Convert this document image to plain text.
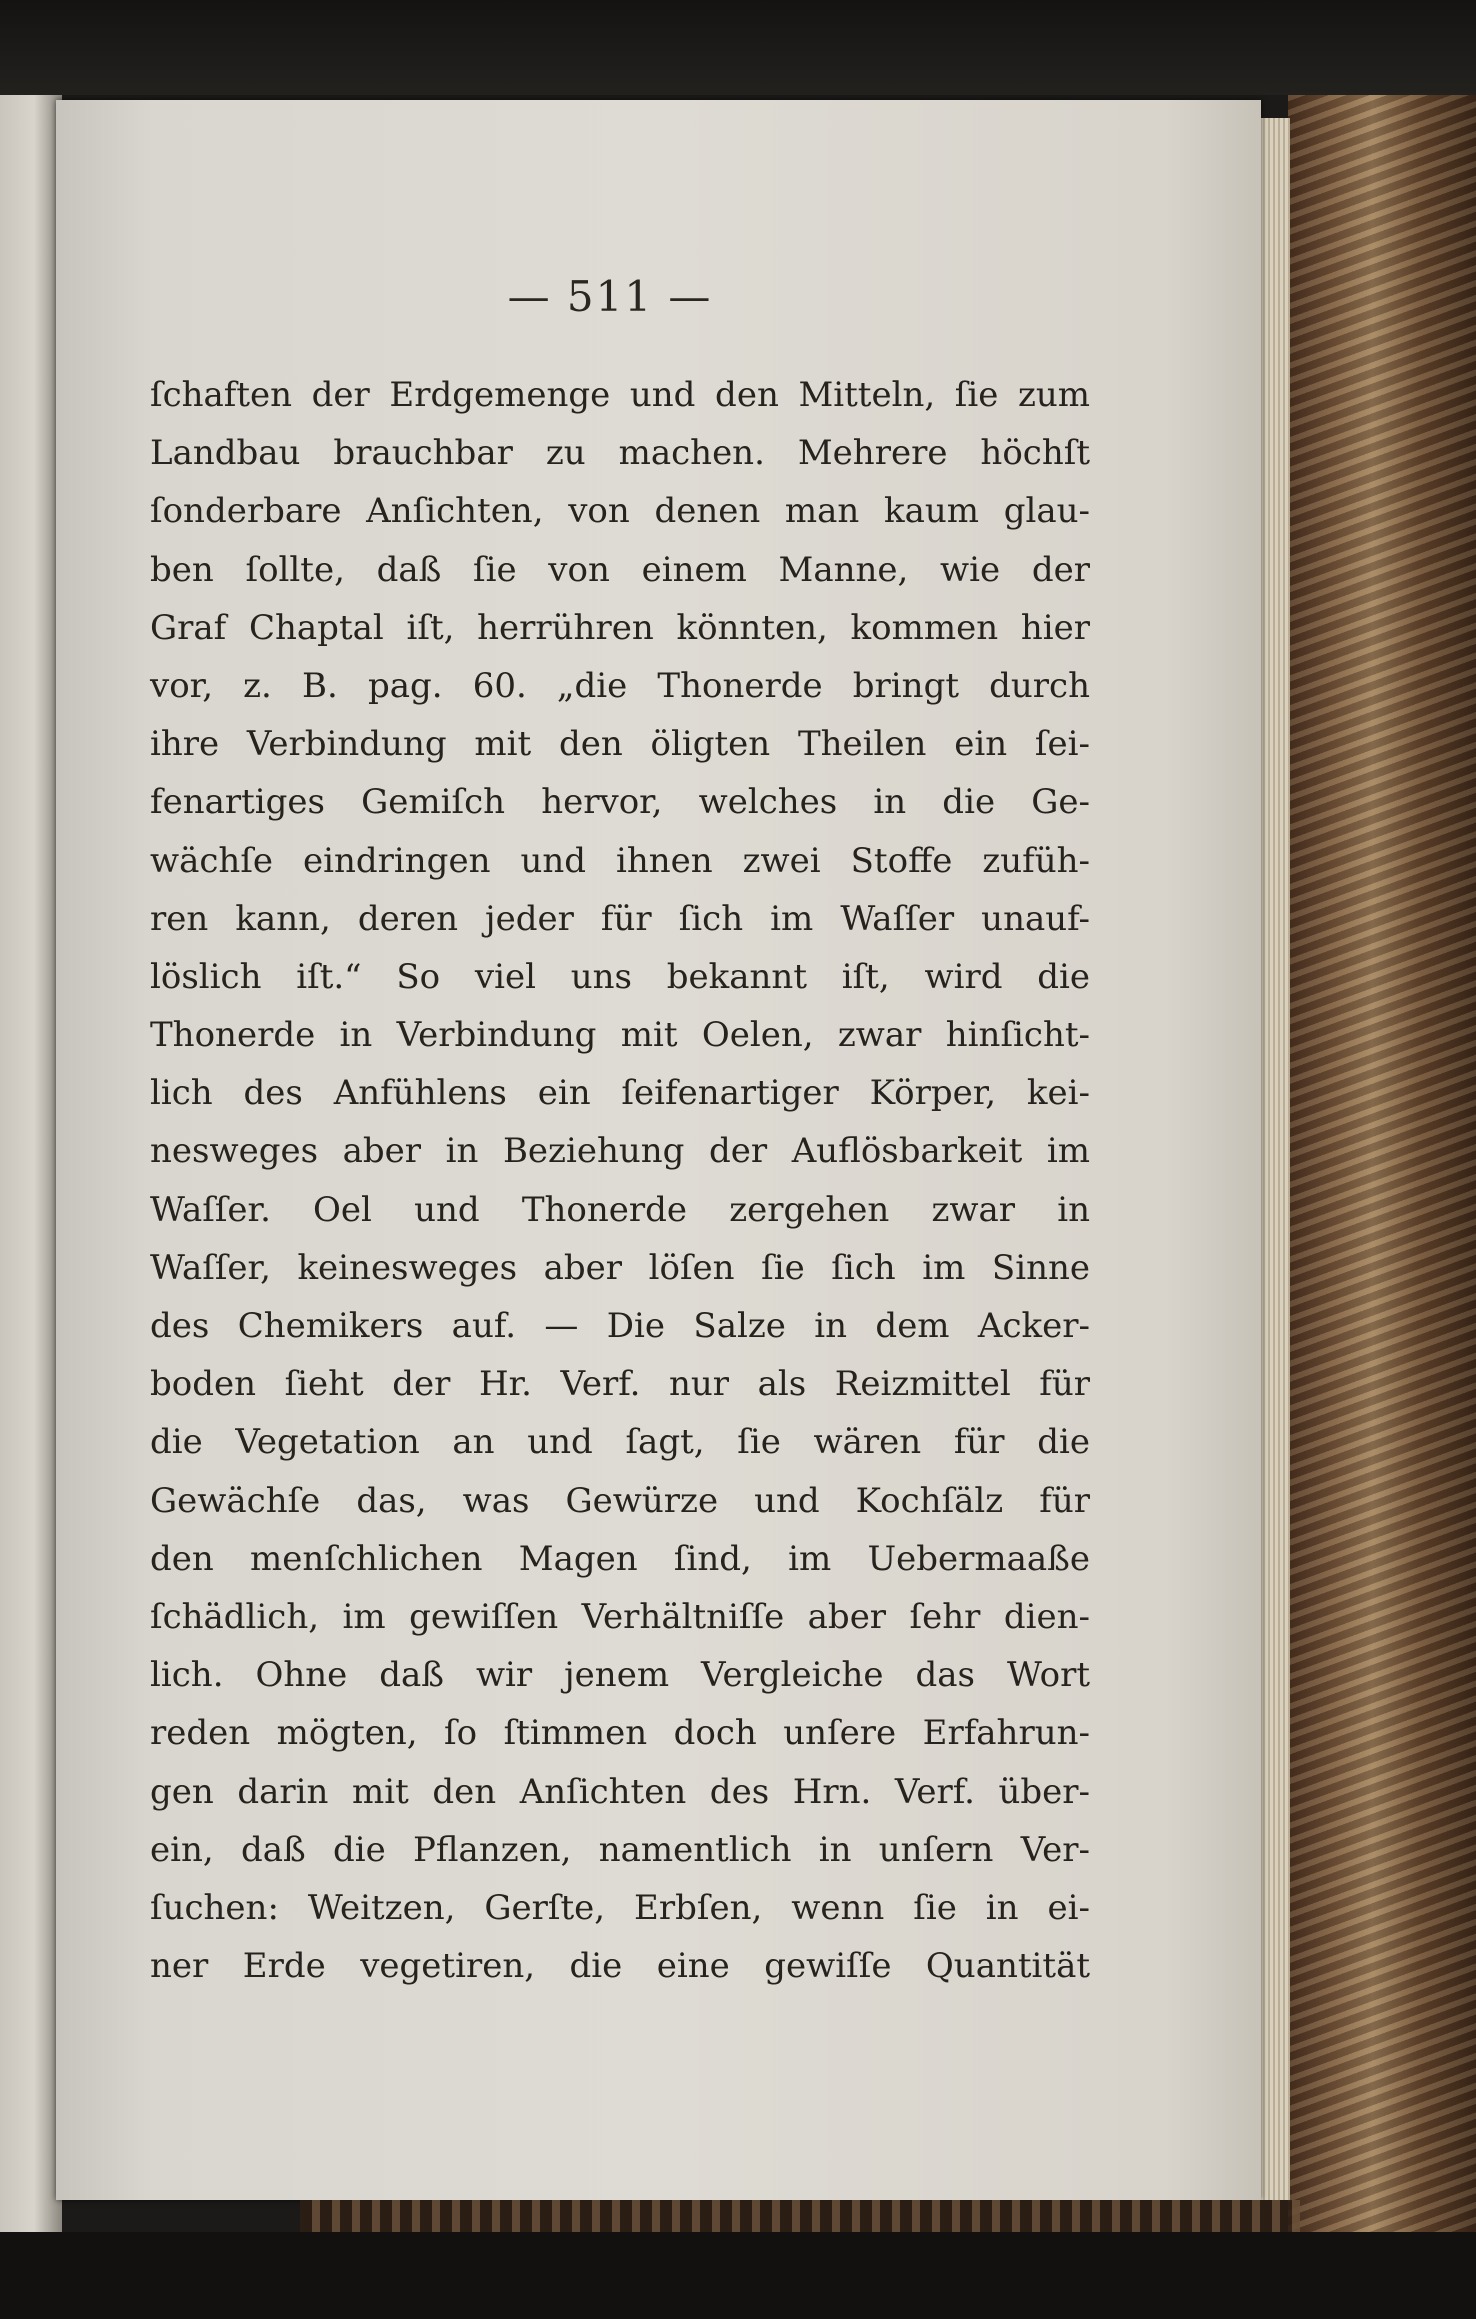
— 511 —
ſchaften der Erdgemenge und den Mitteln, ſie zum
Landbau brauchbar zu machen. Mehrere höchſt
ſonderbare Anſichten, von denen man kaum glau-
ben ſollte, daß ſie von einem Manne, wie der
Graf Chaptal iſt, herrühren könnten, kommen hier
vor, z. B. pag. 60. „die Thonerde bringt durch
ihre Verbindung mit den öligten Theilen ein ſei-
fenartiges Gemiſch hervor, welches in die Ge-
wächſe eindringen und ihnen zwei Stoffe zufüh-
ren kann, deren jeder für ſich im Waſſer unauf-
löslich iſt.“ So viel uns bekannt iſt, wird die
Thonerde in Verbindung mit Oelen, zwar hinſicht-
lich des Anfühlens ein ſeifenartiger Körper, kei-
nesweges aber in Beziehung der Auflösbarkeit im
Waſſer. Oel und Thonerde zergehen zwar in
Waſſer, keinesweges aber löſen ſie ſich im Sinne
des Chemikers auf. — Die Salze in dem Acker-
boden ſieht der Hr. Verf. nur als Reizmittel für
die Vegetation an und ſagt, ſie wären für die
Gewächſe das, was Gewürze und Kochſälz für
den menſchlichen Magen ſind, im Uebermaaße
ſchädlich, im gewiſſen Verhältniſſe aber ſehr dien-
lich. Ohne daß wir jenem Vergleiche das Wort
reden mögten, ſo ſtimmen doch unſere Erfahrun-
gen darin mit den Anſichten des Hrn. Verf. über-
ein, daß die Pflanzen, namentlich in unſern Ver-
ſuchen: Weitzen, Gerſte, Erbſen, wenn ſie in ei-
ner Erde vegetiren, die eine gewiſſe Quantität
